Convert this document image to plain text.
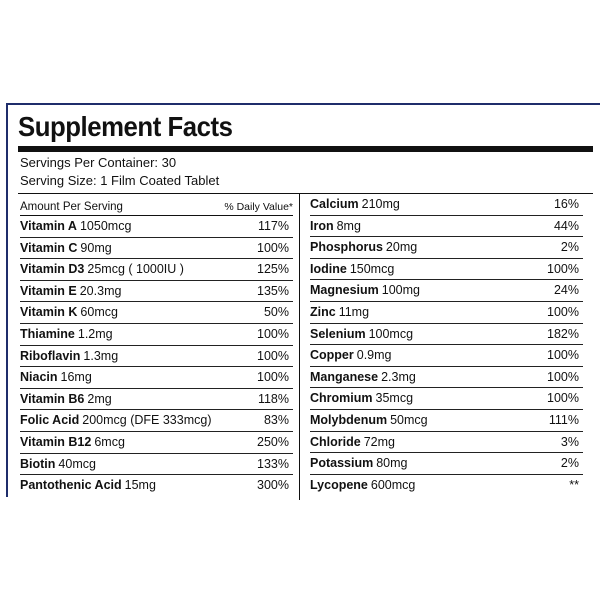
Supplement Facts
Servings Per Container: 30
Serving Size: 1 Film Coated Tablet
Amount Per Serving	% Daily Value*
Vitamin A 1050mcg	117%
Vitamin C 90mg	100%
Vitamin D3 25mcg ( 1000IU )	125%
Vitamin E 20.3mg	135%
Vitamin K 60mcg	50%
Thiamine 1.2mg	100%
Riboflavin 1.3mg	100%
Niacin 16mg	100%
Vitamin B6 2mg	118%
Folic Acid 200mcg (DFE 333mcg)	83%
Vitamin B12 6mcg	250%
Biotin 40mcg	133%
Pantothenic Acid 15mg	300%
Calcium 210mg	16%
Iron 8mg	44%
Phosphorus 20mg	2%
Iodine 150mcg	100%
Magnesium 100mg	24%
Zinc 11mg	100%
Selenium 100mcg	182%
Copper 0.9mg	100%
Manganese 2.3mg	100%
Chromium 35mcg	100%
Molybdenum 50mcg	111%
Chloride 72mg	3%
Potassium 80mg	2%
Lycopene 600mcg	**
